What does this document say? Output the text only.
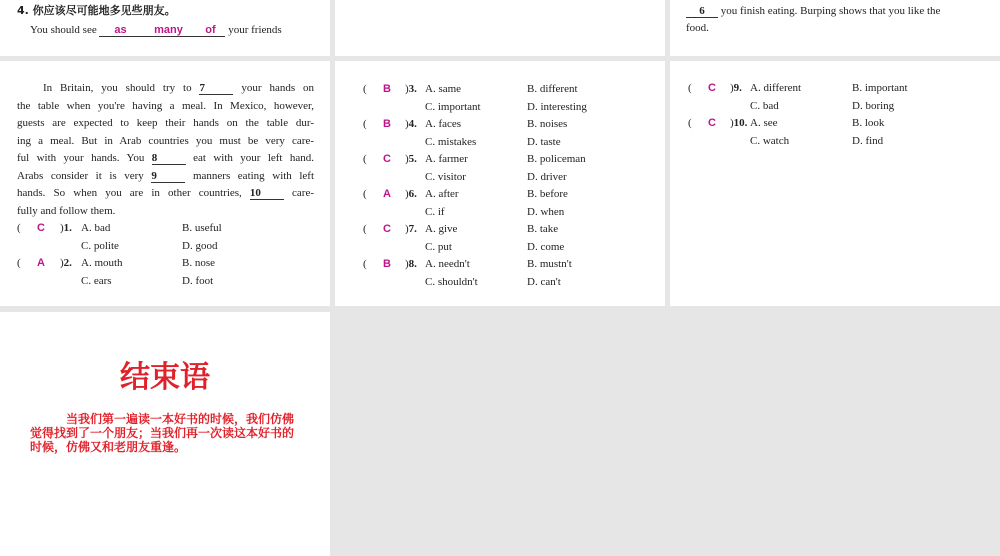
4. 你应该尽可能地多见些朋友。
You should see as	many of your friends
6 you finish eating. Burping shows that you like the
food.
In Britain, you should try to 7	your hands on
the table when you're having a meal. In Mexico, however,
guests are expected to keep their hands on the table dur-
ing a meal. But in Arab countries you must be very care-
ful with your hands. You 8	eat with your left hand.
Arabs consider it is very 9	manners eating with left
hands. So when you are in other countries, 10	care-
fully and follow them.
( C )1. A. bad	B. useful
C. polite	D. good
( A )2. A. mouth	B. nose
C. ears	D. foot
( B )3. A. same	B. different
C. important	D. interesting
( B )4. A. faces	B. noises
C. mistakes	D. taste
( C )5. A. farmer	B. policeman
C. visitor	D. driver
( A )6. A. after	B. before
C. if	D. when
( C )7. A. give	B. take
C. put	D. come
( B )8. A. needn't	B. mustn't
C. shouldn't	D. can't
( C )9. A. different	B. important
C. bad	D. boring
( C )10. A. see	B. look
C. watch	D. find
结束语
当我们第一遍读一本好书的时候，我们仿佛觉得找到了一个朋友；当我们再一次读这本好书的时候，仿佛又和老朋友重逢。
